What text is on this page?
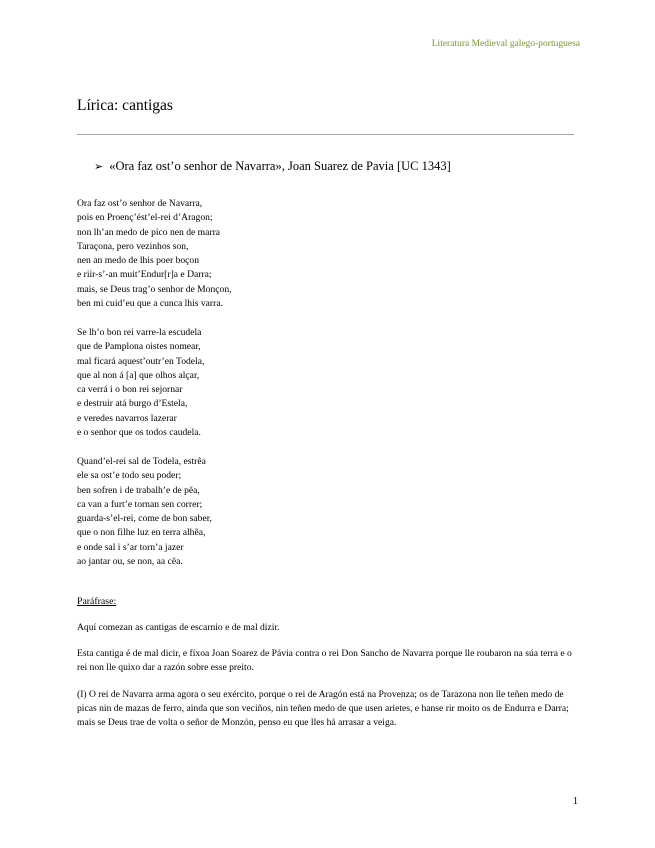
Literatura Medieval galego-portuguesa
Lírica: cantigas
➢ «Ora faz ost’o senhor de Navarra», Joan Suarez de Pavia [UC 1343]
Ora faz ost’o senhor de Navarra,
pois en Proenç’ést’el-rei d’Aragon;
non lh’an medo de pico nen de marra
Taraçona, pero vezinhos son,
nen an medo de lhis poer boçon
e riir-s’-an muit’Endur[r]a e Darra;
mais, se Deus trag’o senhor de Monçon,
ben mi cuid’eu que a cunca lhis varra.
Se lh’o bon rei varre-la escudela
que de Pamplona oistes nomear,
mal ficará aquest’outr’en Todela,
que al non á [a] que olhos alçar,
ca verrá i o bon rei sejornar
e destruir atá burgo d’Estela,
e veredes navarros lazerar
e o senhor que os todos caudela.
Quand’el-rei sal de Todela, estrẽa
ele sa ost’e todo seu poder;
ben sofren i de trabalh’e de pẽa,
ca van a furt’e tornan sen correr;
guarda-s’el-rei, come de bon saber,
que o non filhe luz en terra alhẽa,
e onde sal i s’ar torn’a jazer
ao jantar ou, se non, aa cẽa.
Paráfrase:
Aquí comezan as cantigas de escarnio e de mal dizir.
Esta cantiga é de mal dicir, e fíxoa Joan Soarez de Pávia contra o rei Don Sancho de Navarra porque lle roubaron na súa terra e o rei non lle quixo dar a razón sobre esse preito.
(I) O rei de Navarra arma agora o seu exército, porque o rei de Aragón está na Provenza; os de Tarazona non lle teñen medo de picas nin de mazas de ferro, ainda que son veciños, nin teñen medo de que usen arietes, e hanse rir moito os de Endurra e Darra; mais se Deus trae de volta o señor de Monzón, penso eu que lles há arrasar a veiga.
1
